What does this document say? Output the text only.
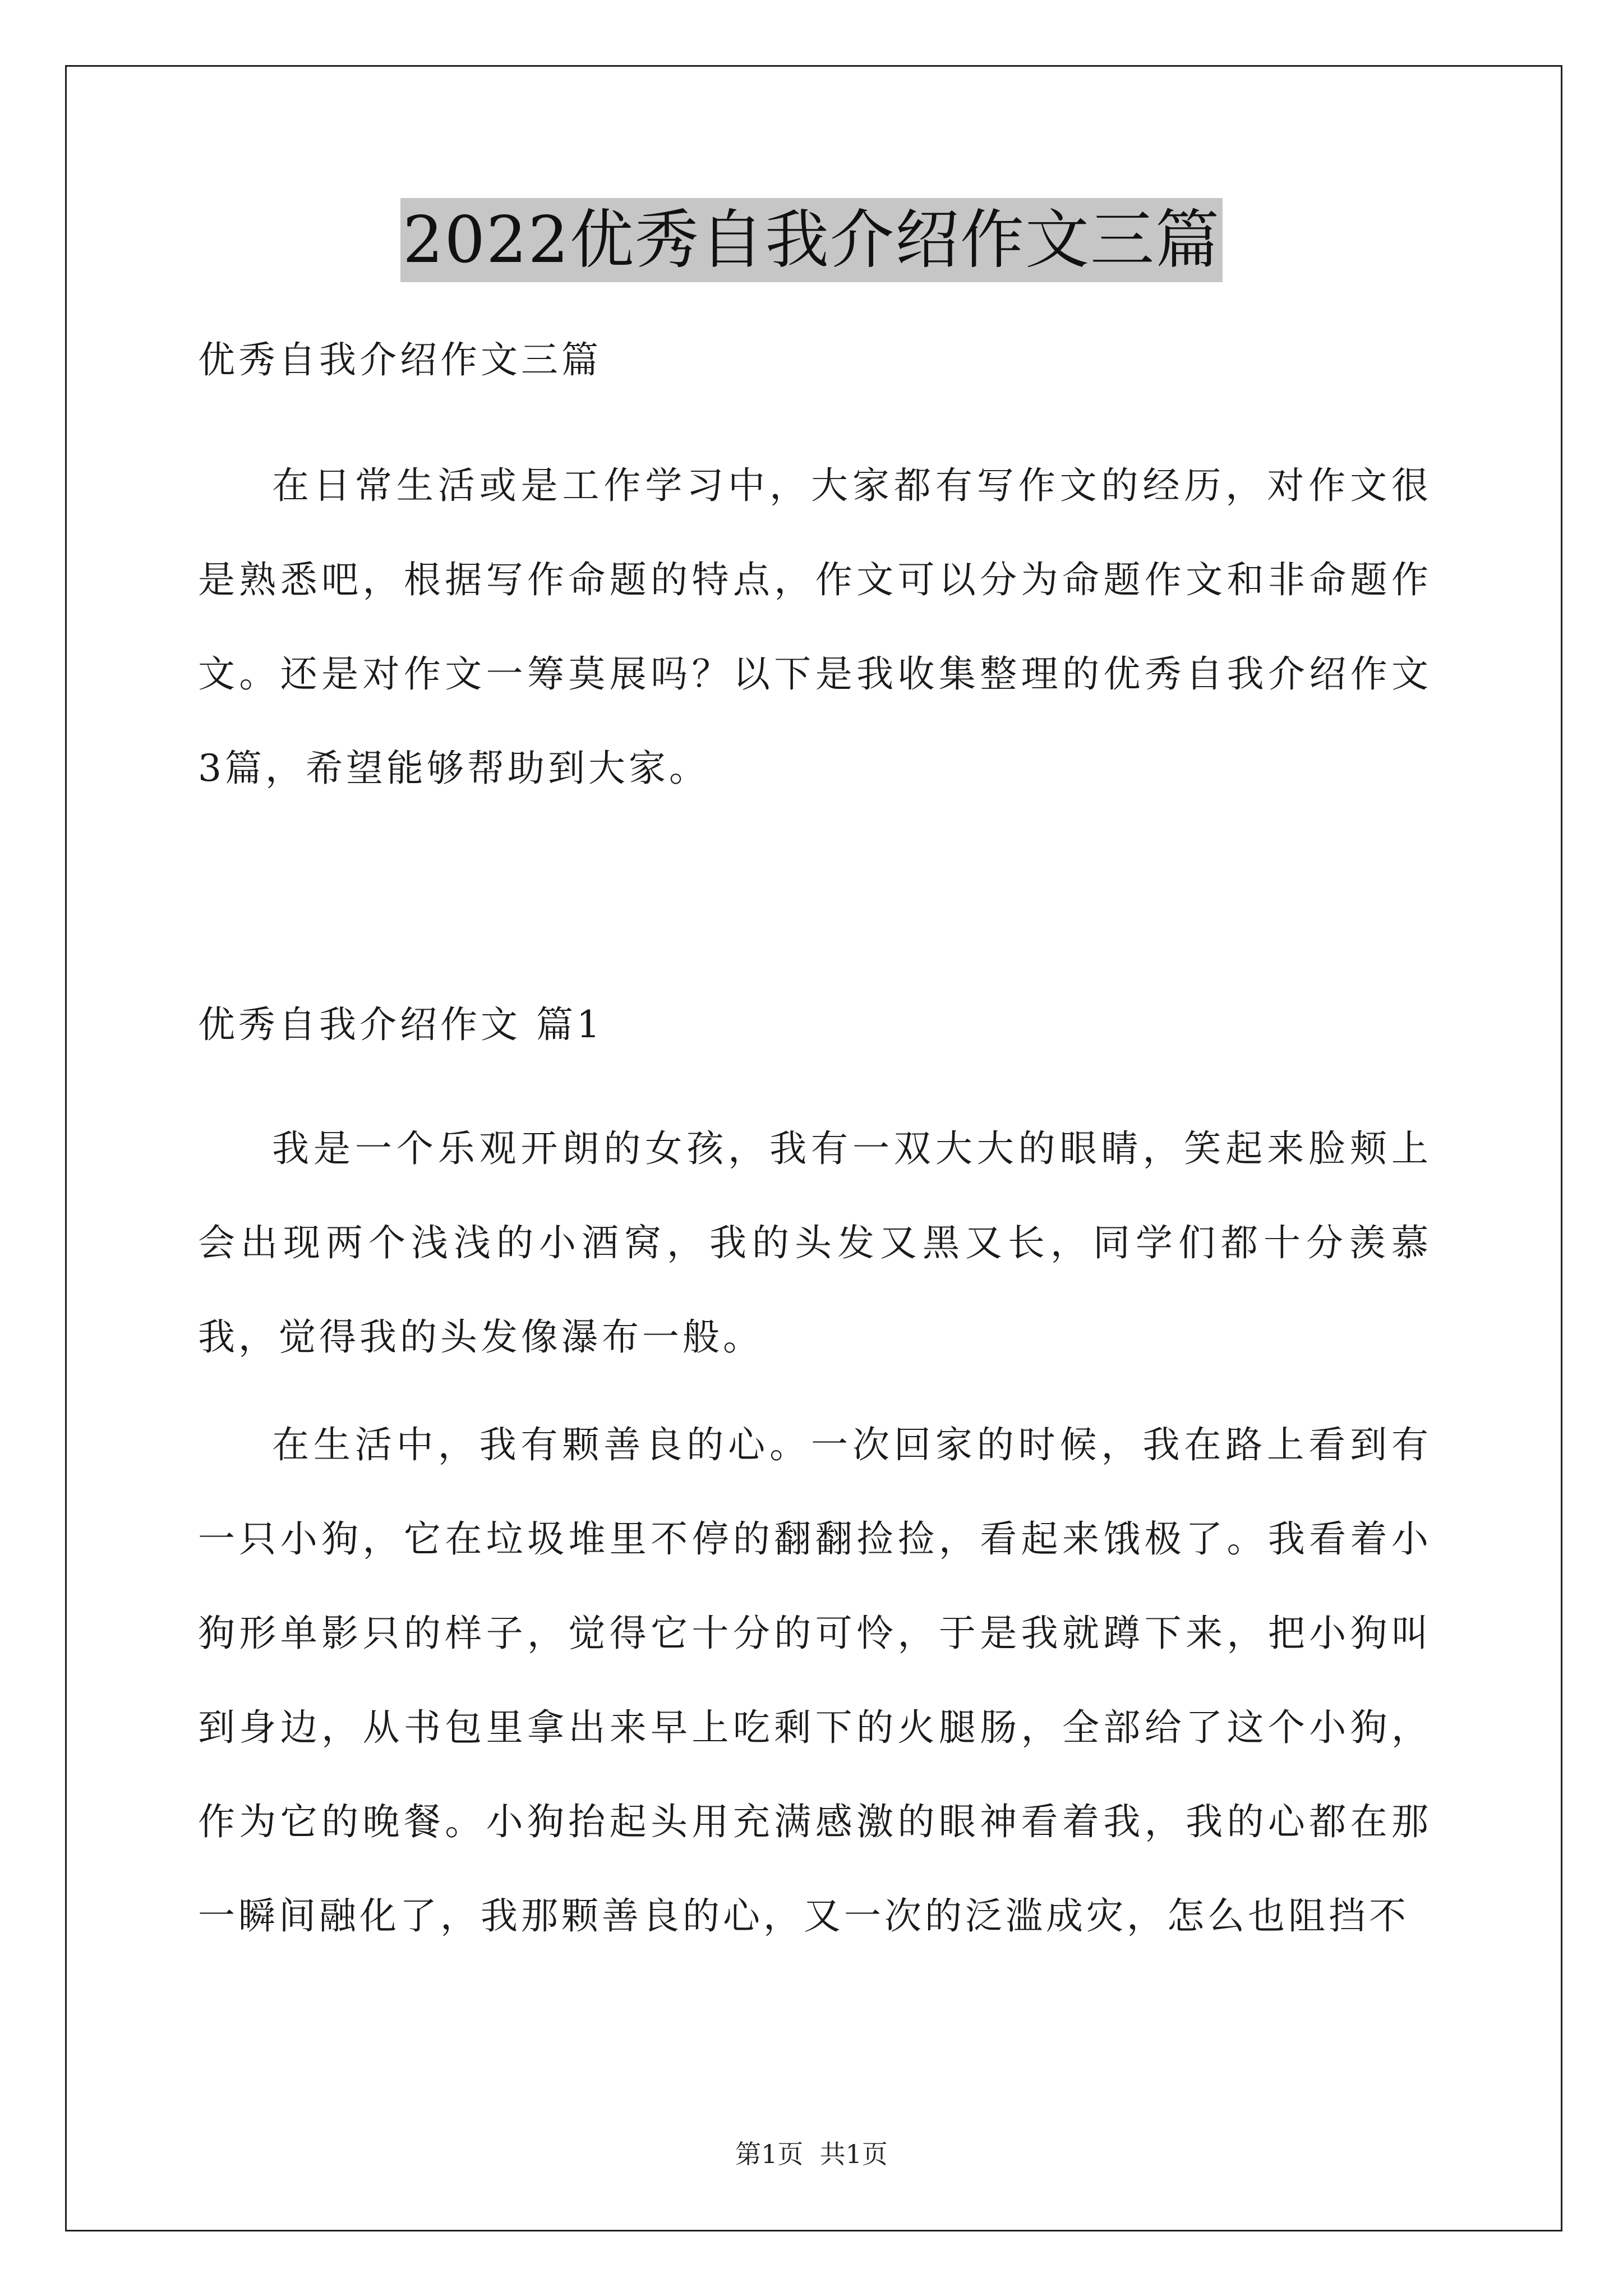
2022优秀自我介绍作文三篇

优秀自我介绍作文三篇

在日常生活或是工作学习中，大家都有写作文的经历，对作文很是熟悉吧，根据写作命题的特点，作文可以分为命题作文和非命题作文。还是对作文一筹莫展吗？以下是我收集整理的优秀自我介绍作文3篇，希望能够帮助到大家。

优秀自我介绍作文 篇1

我是一个乐观开朗的女孩，我有一双大大的眼睛，笑起来脸颊上会出现两个浅浅的小酒窝，我的头发又黑又长，同学们都十分羡慕我，觉得我的头发像瀑布一般。

在生活中，我有颗善良的心。一次回家的时候，我在路上看到有一只小狗，它在垃圾堆里不停的翻翻捡捡，看起来饿极了。我看着小狗形单影只的样子，觉得它十分的可怜，于是我就蹲下来，把小狗叫到身边，从书包里拿出来早上吃剩下的火腿肠，全部给了这个小狗，作为它的晚餐。小狗抬起头用充满感激的眼神看着我，我的心都在那一瞬间融化了，我那颗善良的心，又一次的泛滥成灾，怎么也阻挡不

第1页  共1页
